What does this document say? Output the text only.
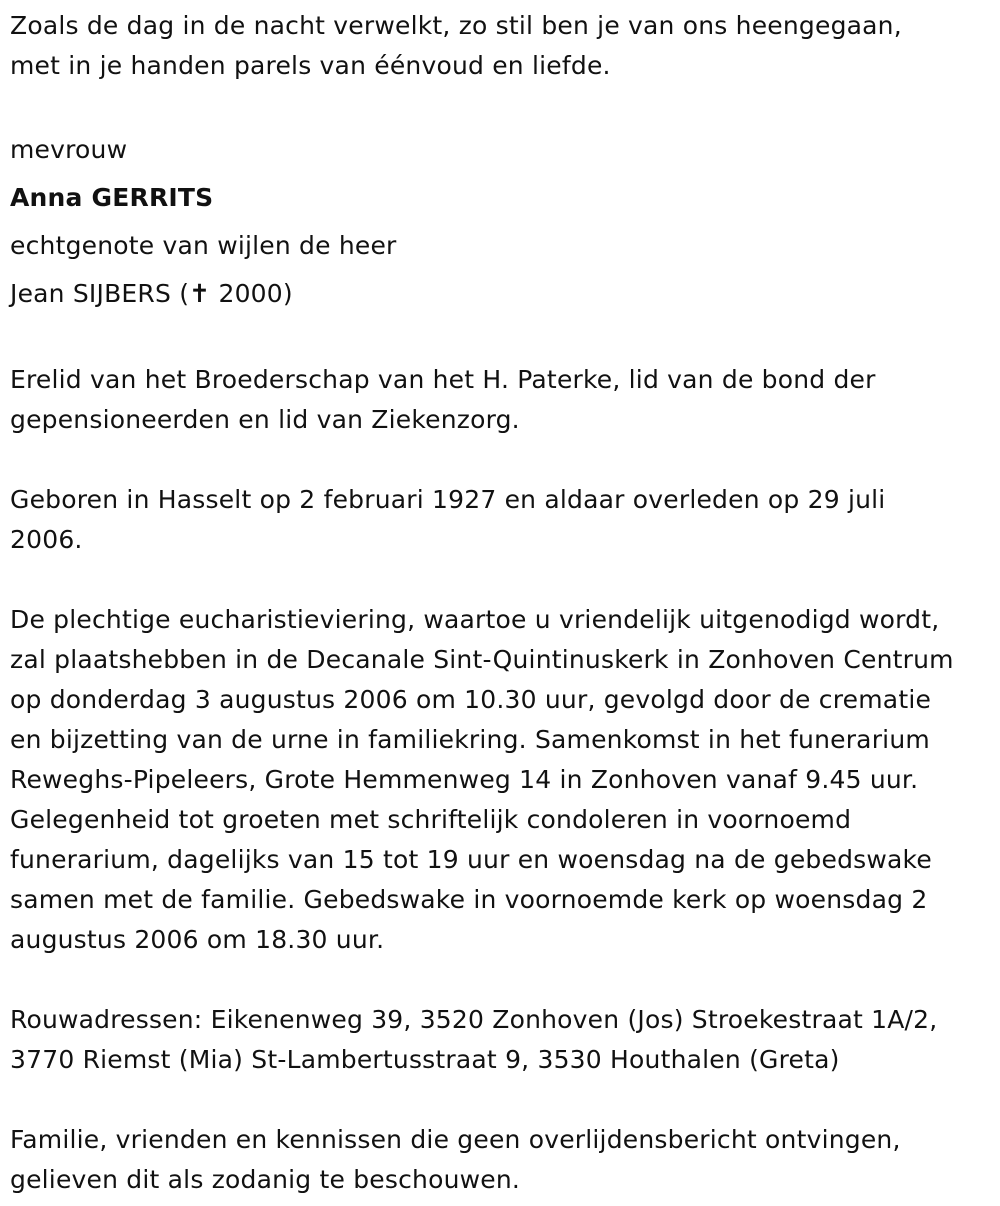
Zoals de dag in de nacht verwelkt, zo stil ben je van ons heengegaan,
met in je handen parels van éénvoud en liefde.
mevrouw
Anna GERRITS
echtgenote van wijlen de heer
Jean SIJBERS (✝ 2000)
Erelid van het Broederschap van het H. Paterke, lid van de bond der
gepensioneerden en lid van Ziekenzorg.
Geboren in Hasselt op 2 februari 1927 en aldaar overleden op 29 juli
2006.
De plechtige eucharistieviering, waartoe u vriendelijk uitgenodigd wordt,
zal plaatshebben in de Decanale Sint-Quintinuskerk in Zonhoven Centrum
op donderdag 3 augustus 2006 om 10.30 uur, gevolgd door de crematie
en bijzetting van de urne in familiekring. Samenkomst in het funerarium
Reweghs-Pipeleers, Grote Hemmenweg 14 in Zonhoven vanaf 9.45 uur.
Gelegenheid tot groeten met schriftelijk condoleren in voornoemd
funerarium, dagelijks van 15 tot 19 uur en woensdag na de gebedswake
samen met de familie. Gebedswake in voornoemde kerk op woensdag 2
augustus 2006 om 18.30 uur.
Rouwadressen: Eikenenweg 39, 3520 Zonhoven (Jos) Stroekestraat 1A/2,
3770 Riemst (Mia) St-Lambertusstraat 9, 3530 Houthalen (Greta)
Familie, vrienden en kennissen die geen overlijdensbericht ontvingen,
gelieven dit als zodanig te beschouwen.
